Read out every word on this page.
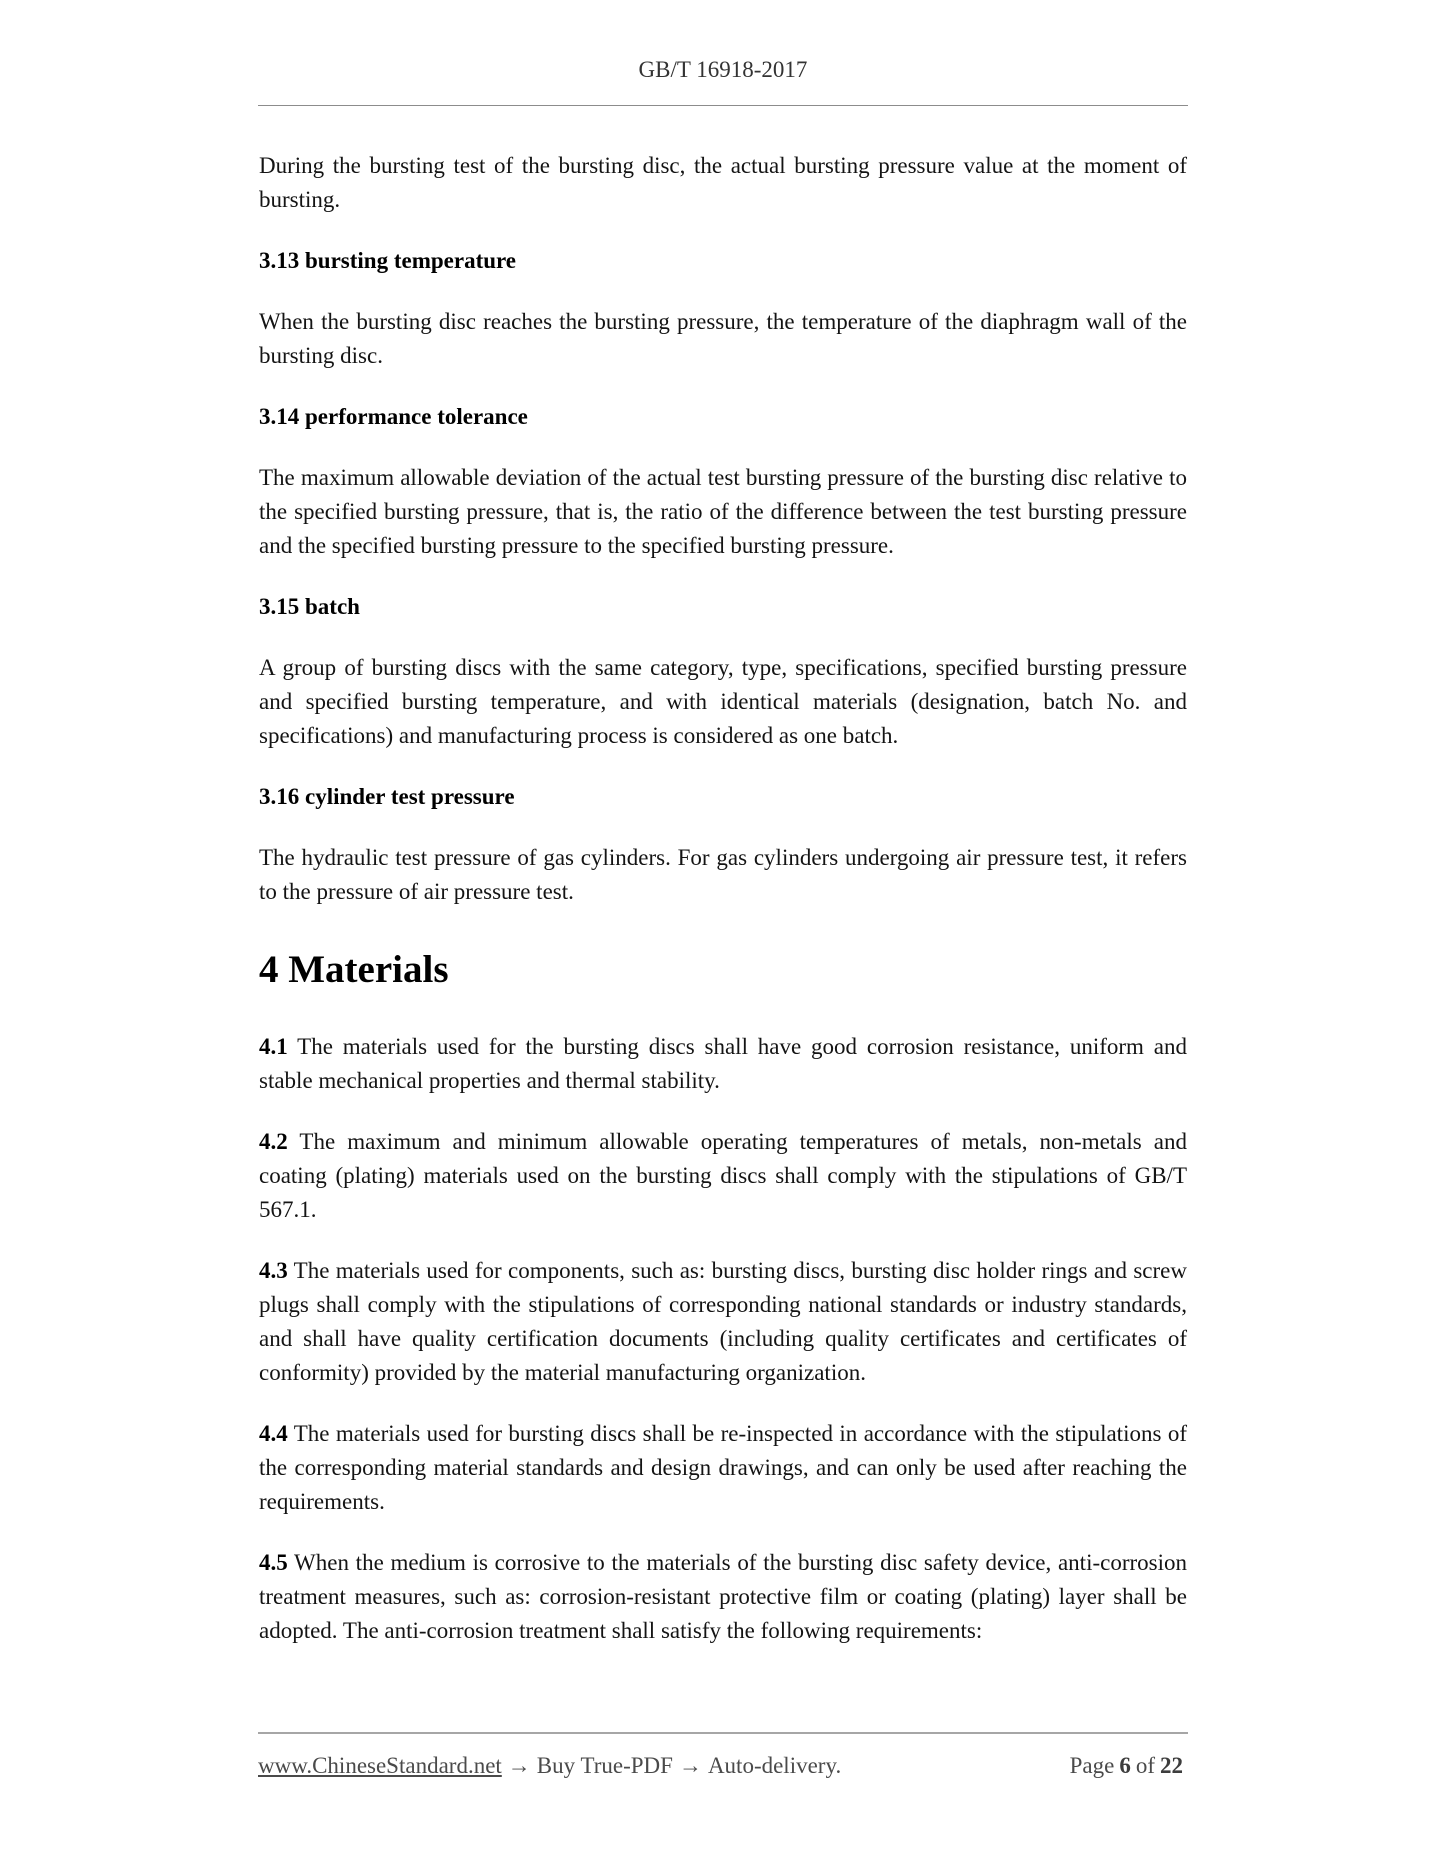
GB/T 16918-2017

During the bursting test of the bursting disc, the actual bursting pressure value at the moment of bursting.

3.13 bursting temperature

When the bursting disc reaches the bursting pressure, the temperature of the diaphragm wall of the bursting disc.

3.14 performance tolerance

The maximum allowable deviation of the actual test bursting pressure of the bursting disc relative to the specified bursting pressure, that is, the ratio of the difference between the test bursting pressure and the specified bursting pressure to the specified bursting pressure.

3.15 batch

A group of bursting discs with the same category, type, specifications, specified bursting pressure and specified bursting temperature, and with identical materials (designation, batch No. and specifications) and manufacturing process is considered as one batch.

3.16 cylinder test pressure

The hydraulic test pressure of gas cylinders. For gas cylinders undergoing air pressure test, it refers to the pressure of air pressure test.

4 Materials

4.1 The materials used for the bursting discs shall have good corrosion resistance, uniform and stable mechanical properties and thermal stability.

4.2 The maximum and minimum allowable operating temperatures of metals, non-metals and coating (plating) materials used on the bursting discs shall comply with the stipulations of GB/T 567.1.

4.3 The materials used for components, such as: bursting discs, bursting disc holder rings and screw plugs shall comply with the stipulations of corresponding national standards or industry standards, and shall have quality certification documents (including quality certificates and certificates of conformity) provided by the material manufacturing organization.

4.4 The materials used for bursting discs shall be re-inspected in accordance with the stipulations of the corresponding material standards and design drawings, and can only be used after reaching the requirements.

4.5 When the medium is corrosive to the materials of the bursting disc safety device, anti-corrosion treatment measures, such as: corrosion-resistant protective film or coating (plating) layer shall be adopted. The anti-corrosion treatment shall satisfy the following requirements:

www.ChineseStandard.net → Buy True-PDF → Auto-delivery.	Page 6 of 22
